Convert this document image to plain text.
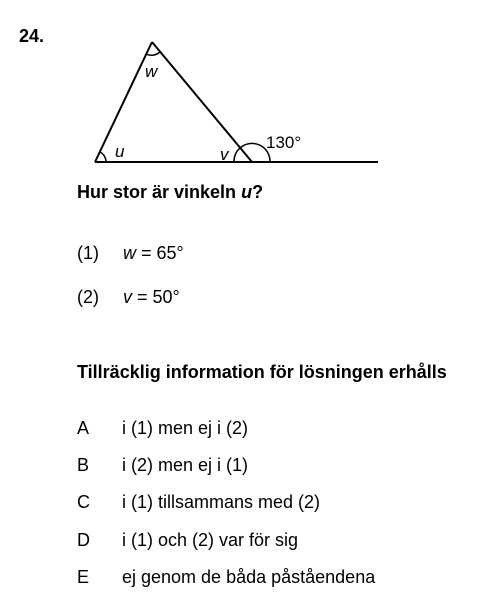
24.
w
u	v
130°
Hur stor är vinkeln u?
(1) w = 65°
(2) v = 50°
Tillräcklig information för lösningen erhålls
A i (1) men ej i (2)
B i (2) men ej i (1)
C i (1) tillsammans med (2)
D i (1) och (2) var för sig
E ej genom de båda påståendena
